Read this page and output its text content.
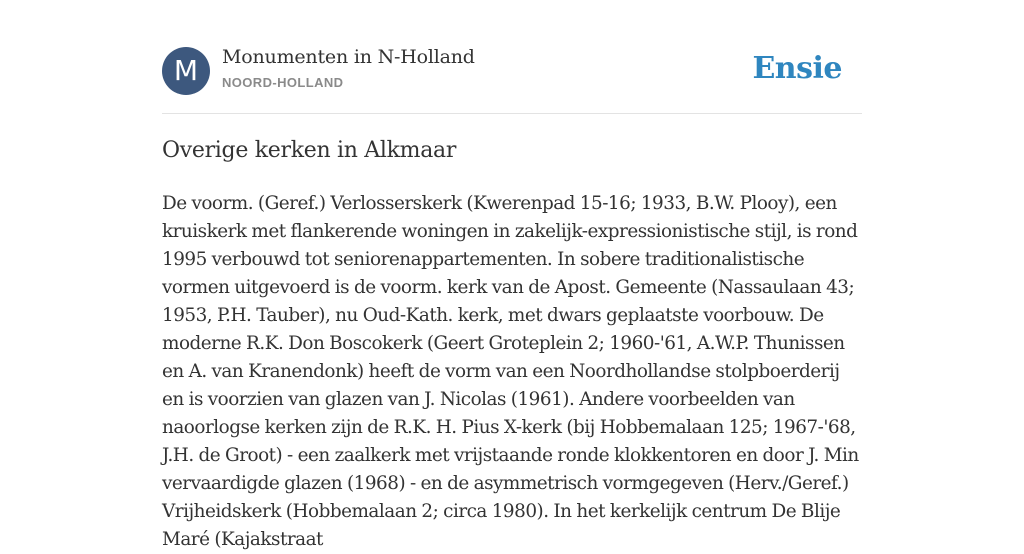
M	Monumenten in N-Holland
NOORD-HOLLAND	Ensie
Overige kerken in Alkmaar

De voorm. (Geref.) Verlosserskerk (Kwerenpad 15-16; 1933, B.W. Plooy), een kruiskerk met flankerende woningen in zakelijk-expressionistische stijl, is rond 1995 verbouwd tot seniorenappartementen. In sobere traditionalistische vormen uitgevoerd is de voorm. kerk van de Apost. Gemeente (Nassaulaan 43; 1953, P.H. Tauber), nu Oud-Kath. kerk, met dwars geplaatste voorbouw. De moderne R.K. Don Boscokerk (Geert Groteplein 2; 1960-'61, A.W.P. Thunissen en A. van Kranendonk) heeft de vorm van een Noordhollandse stolpboerderij en is voorzien van glazen van J. Nicolas (1961). Andere voorbeelden van naoorlogse kerken zijn de R.K. H. Pius X-kerk (bij Hobbemalaan 125; 1967-'68, J.H. de Groot) - een zaalkerk met vrijstaande ronde klokkentoren en door J. Min vervaardigde glazen (1968) - en de asymmetrisch vormgegeven (Herv./Geref.) Vrijheidskerk (Hobbemalaan 2; circa 1980). In het kerkelijk centrum De Blije Maré (Kajakstraat
